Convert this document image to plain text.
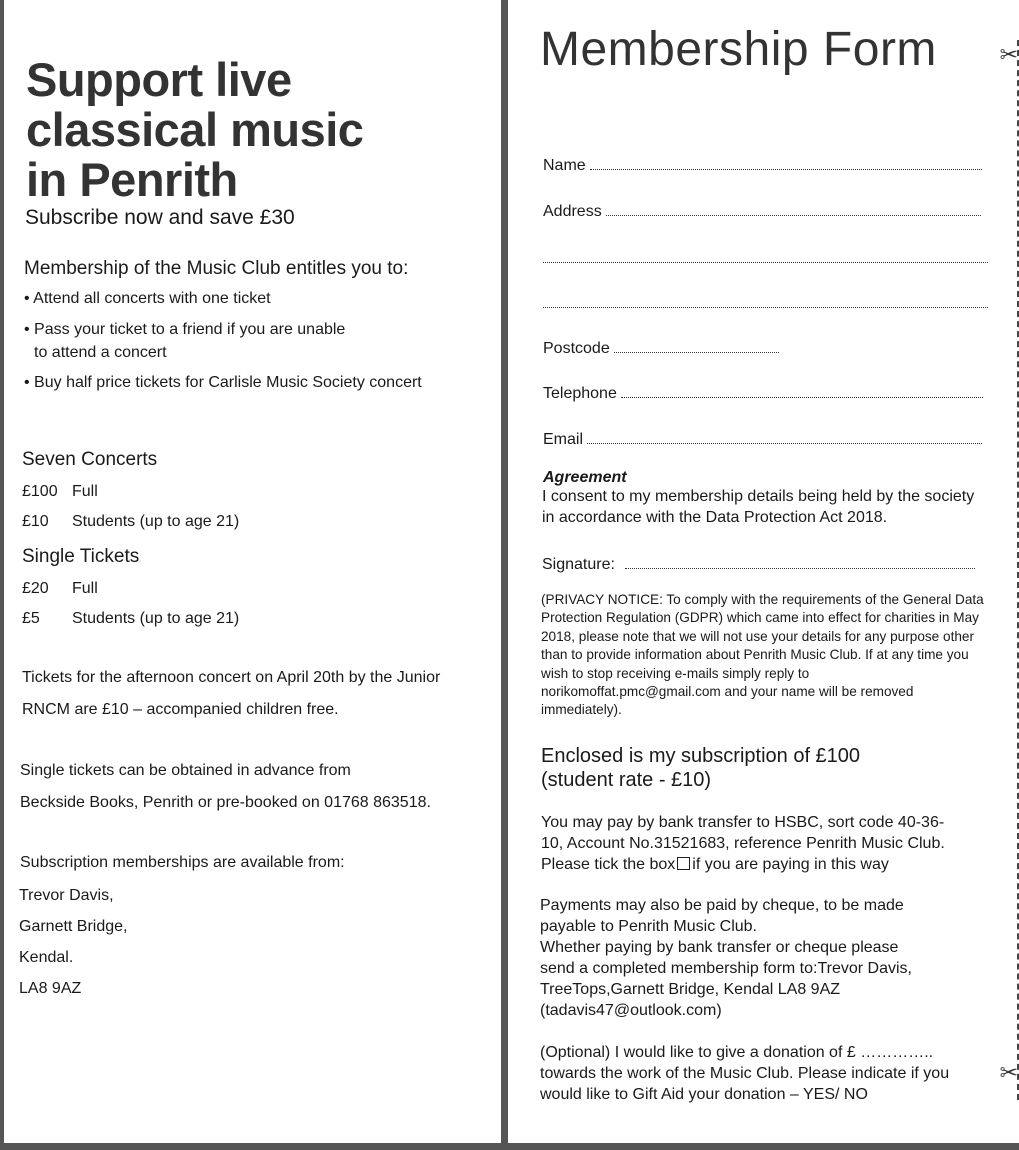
Support live
classical music
in Penrith
Subscribe now and save £30
Membership of the Music Club entitles you to:
• Attend all concerts with one ticket
• Pass your ticket to a friend if you are unable
to attend a concert
• Buy half price tickets for Carlisle Music Society concert
Seven Concerts
£100 Full
£10 Students (up to age 21)
Single Tickets
£20 Full
£5 Students (up to age 21)
Tickets for the afternoon concert on April 20th by the Junior
RNCM are £10 – accompanied children free.
Single tickets can be obtained in advance from
Beckside Books, Penrith or pre-booked on 01768 863518.
Subscription memberships are available from:
Trevor Davis,
Garnett Bridge,
Kendal.
LA8 9AZ
✂
✂
Membership Form
Name
Address
Postcode
Telephone
Email
Agreement
I consent to my membership details being held by the society in accordance with the Data Protection Act 2018.
Signature:
(PRIVACY NOTICE: To comply with the requirements of the General Data Protection Regulation (GDPR) which came into effect for charities in May 2018, please note that we will not use your details for any purpose other than to provide information about Penrith Music Club. If at any time you wish to stop receiving e-mails simply reply to norikomoffat.pmc@gmail.com and your name will be removed immediately).
Enclosed is my subscription of £100
(student rate - £10)
You may pay by bank transfer to HSBC, sort code 40-36-
10, Account No.31521683, reference Penrith Music Club.
Please tick the box if you are paying in this way
Payments may also be paid by cheque, to be made
payable to Penrith Music Club.
Whether paying by bank transfer or cheque please
send a completed membership form to:Trevor Davis,
TreeTops,Garnett Bridge, Kendal LA8 9AZ
(tadavis47@outlook.com)
(Optional) I would like to give a donation of £ …………..
towards the work of the Music Club. Please indicate if you
would like to Gift Aid your donation – YES/ NO
